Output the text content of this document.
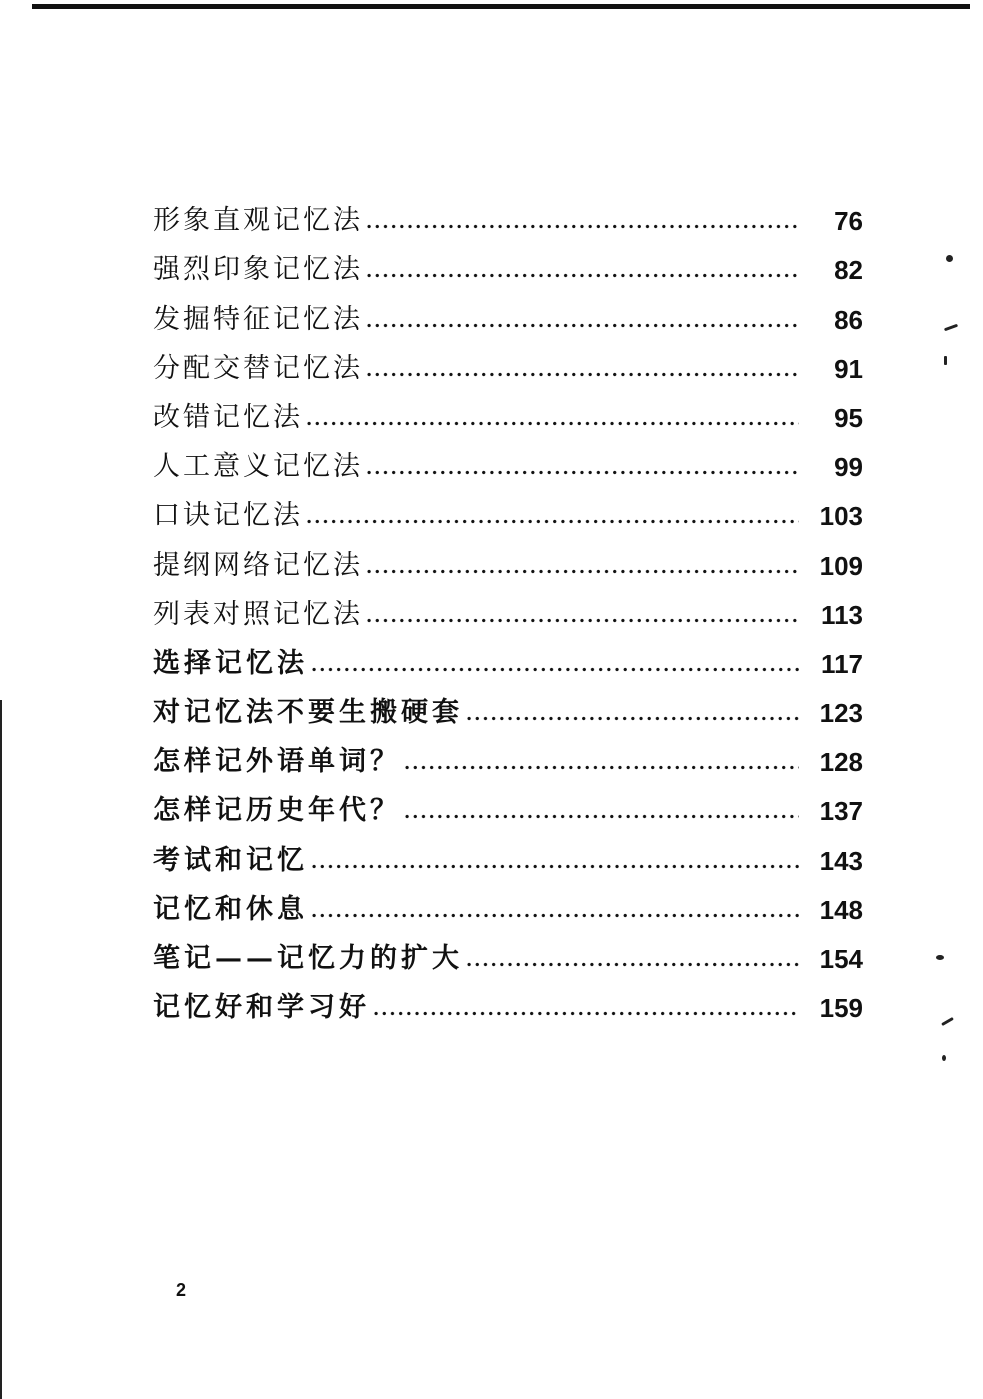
形象直观记忆法	76
强烈印象记忆法	82
发掘特征记忆法	86
分配交替记忆法	91
改错记忆法	95
人工意义记忆法	99
口诀记忆法	103
提纲网络记忆法	109
列表对照记忆法	113
选择记忆法	117
对记忆法不要生搬硬套	123
怎样记外语单词？	128
怎样记历史年代？	137
考试和记忆	143
记忆和休息	148
笔记——记忆力的扩大	154
记忆好和学习好	159
2
